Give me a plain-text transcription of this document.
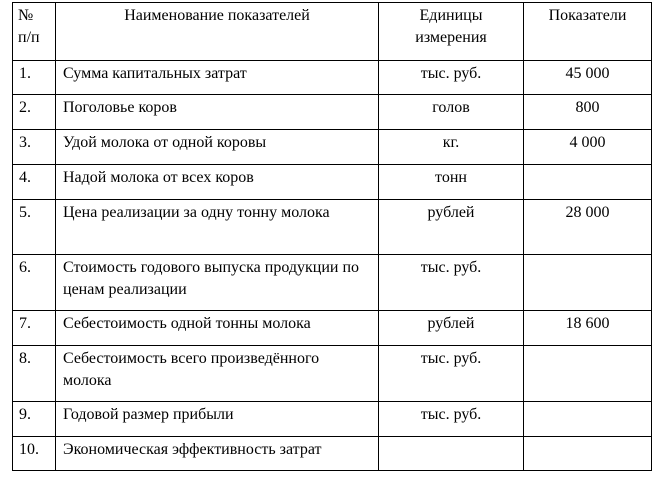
№ п/п	Наименование показателей	Единицы измерения	Показатели
1.	Сумма капитальных затрат	тыс. руб.	45 000
2.	Поголовье коров	голов	800
3.	Удой молока от одной коровы	кг.	4 000
4.	Надой молока от всех коров	тонн	
5.	Цена реализации за одну тонну молока	рублей	28 000
6.	Стоимость годового выпуска продукции по ценам реализации	тыс. руб.	
7.	Себестоимость одной тонны молока	рублей	18 600
8.	Себестоимость всего произведённого молока	тыс. руб.	
9.	Годовой размер прибыли	тыс. руб.	
10.	Экономическая эффективность затрат		
